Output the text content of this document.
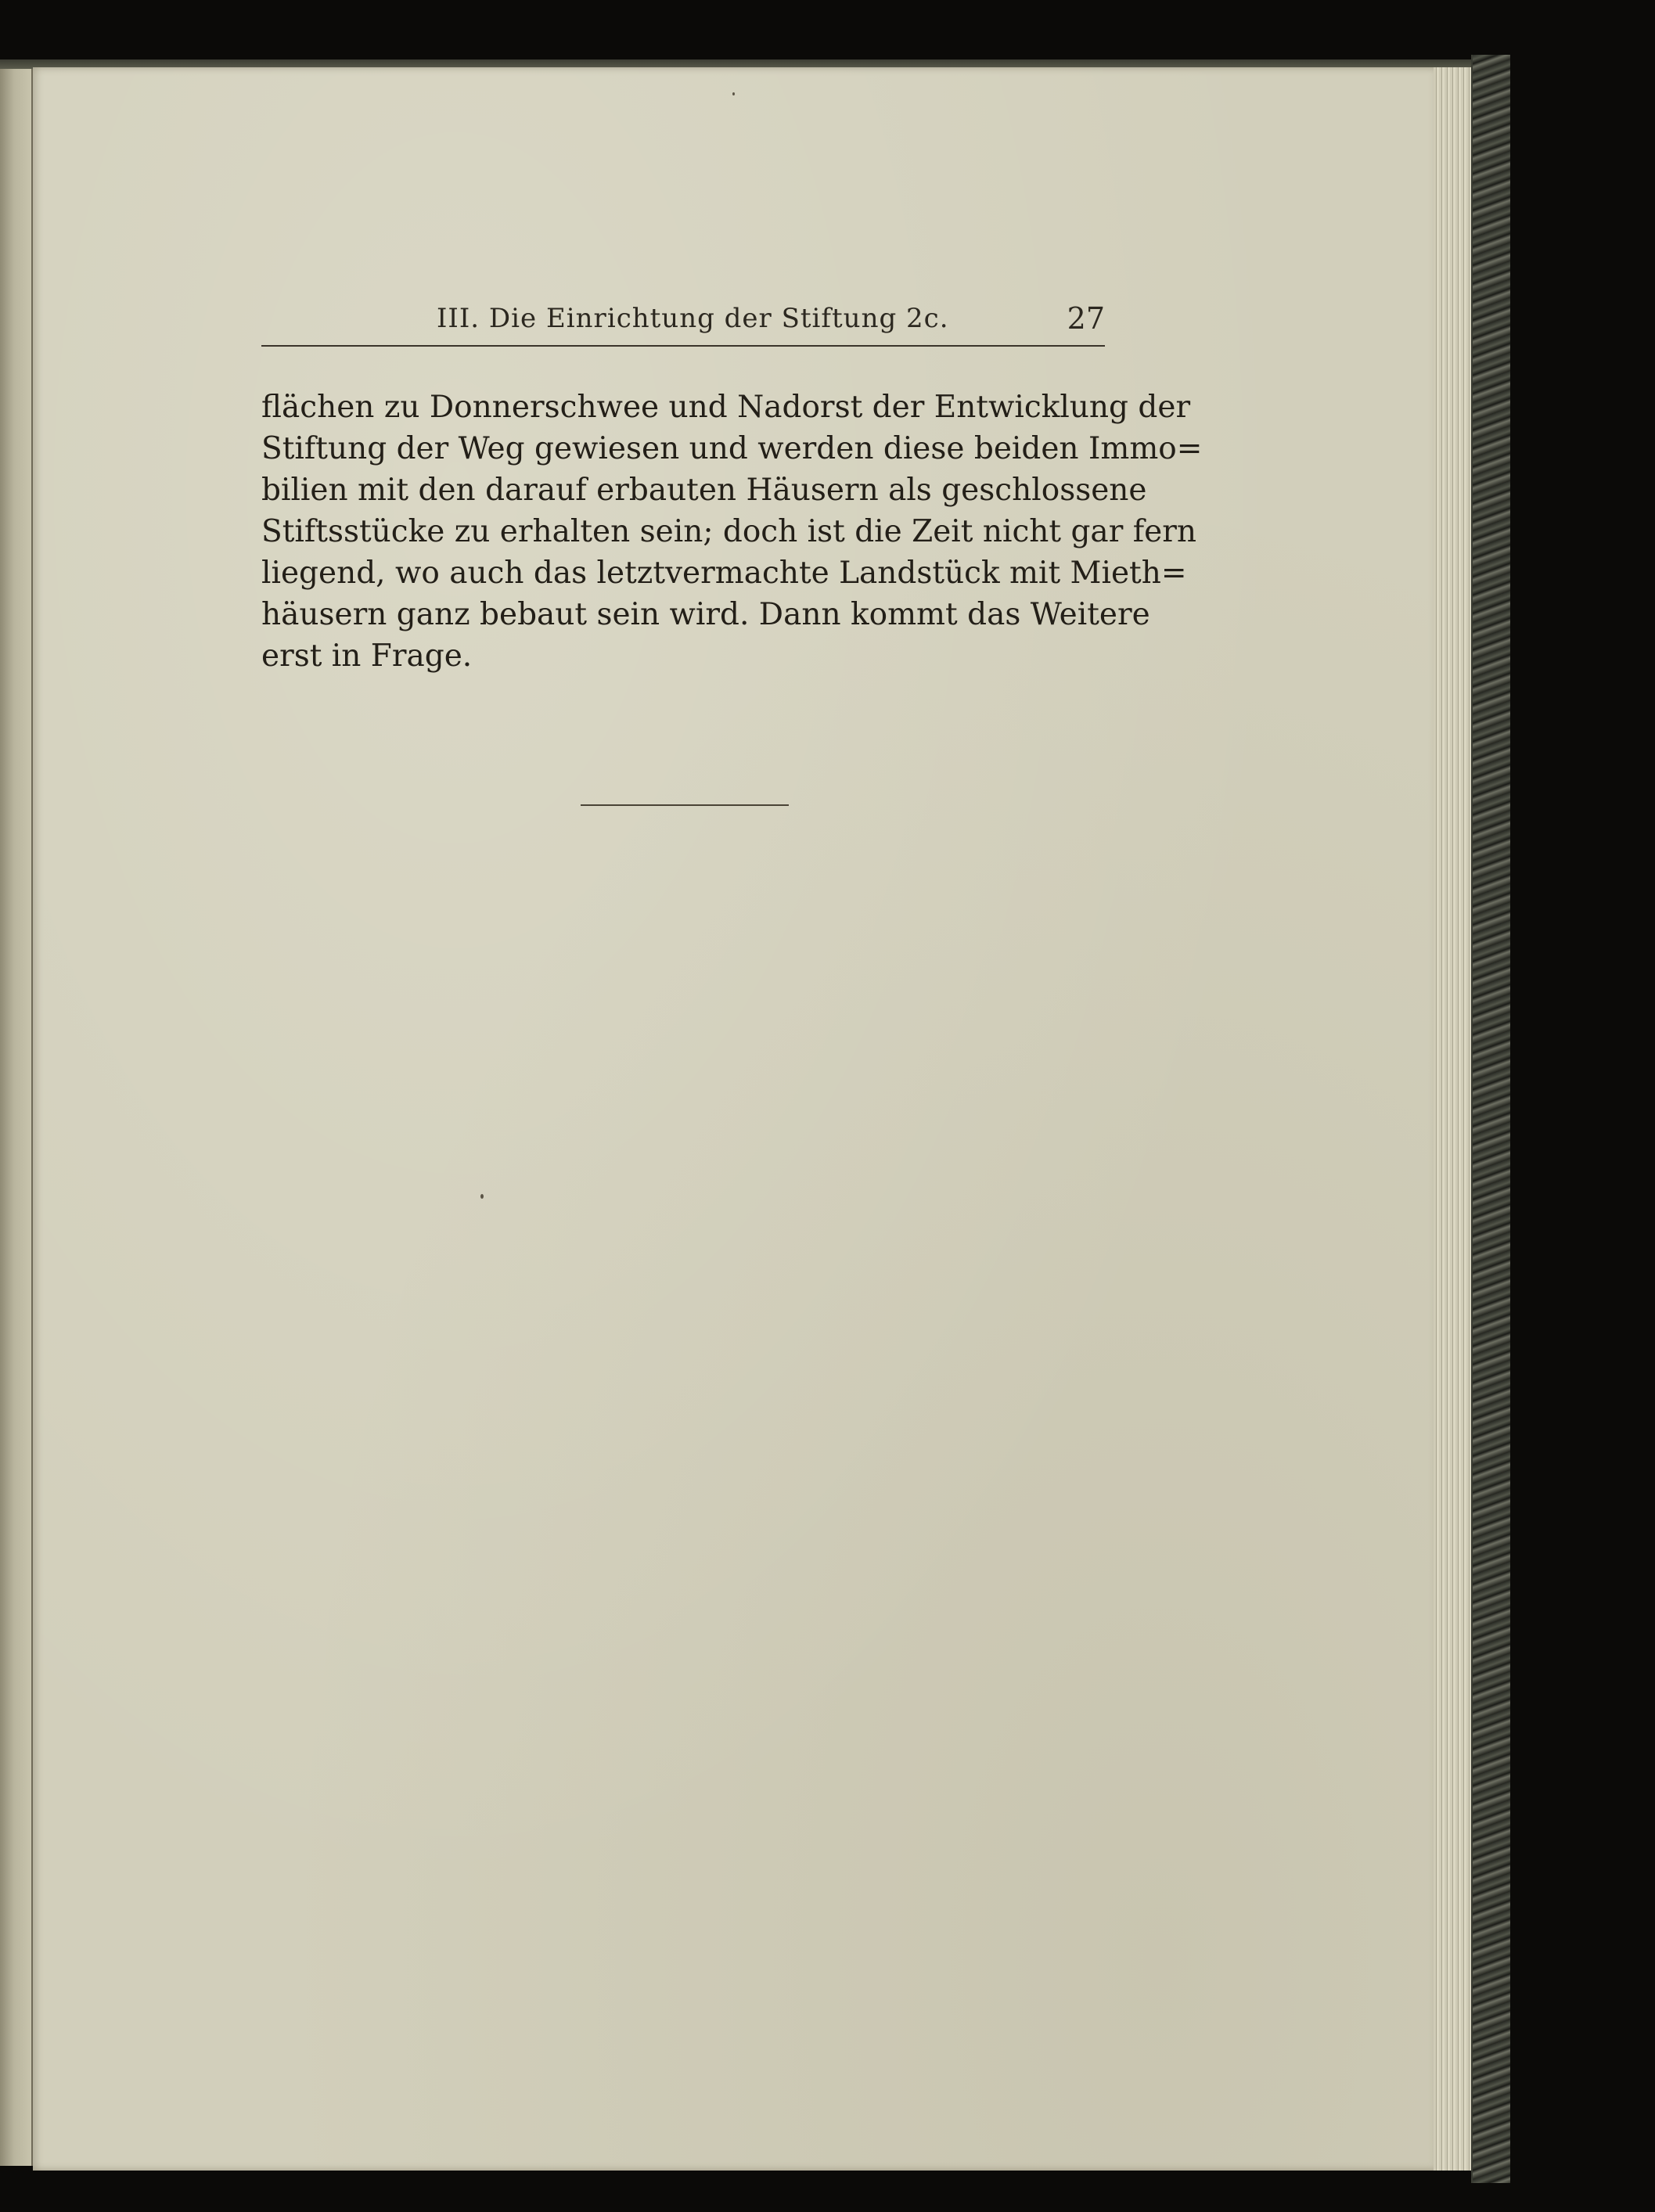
III. Die Einrichtung der Stiftung 2c.	27
flächen zu Donnerschwee und Nadorst der Entwicklung der
Stiftung der Weg gewiesen und werden diese beiden Immo=
bilien mit den darauf erbauten Häusern als geschlossene
Stiftsstücke zu erhalten sein; doch ist die Zeit nicht gar fern
liegend, wo auch das letztvermachte Landstück mit Mieth=
häusern ganz bebaut sein wird. Dann kommt das Weitere
erst in Frage.
